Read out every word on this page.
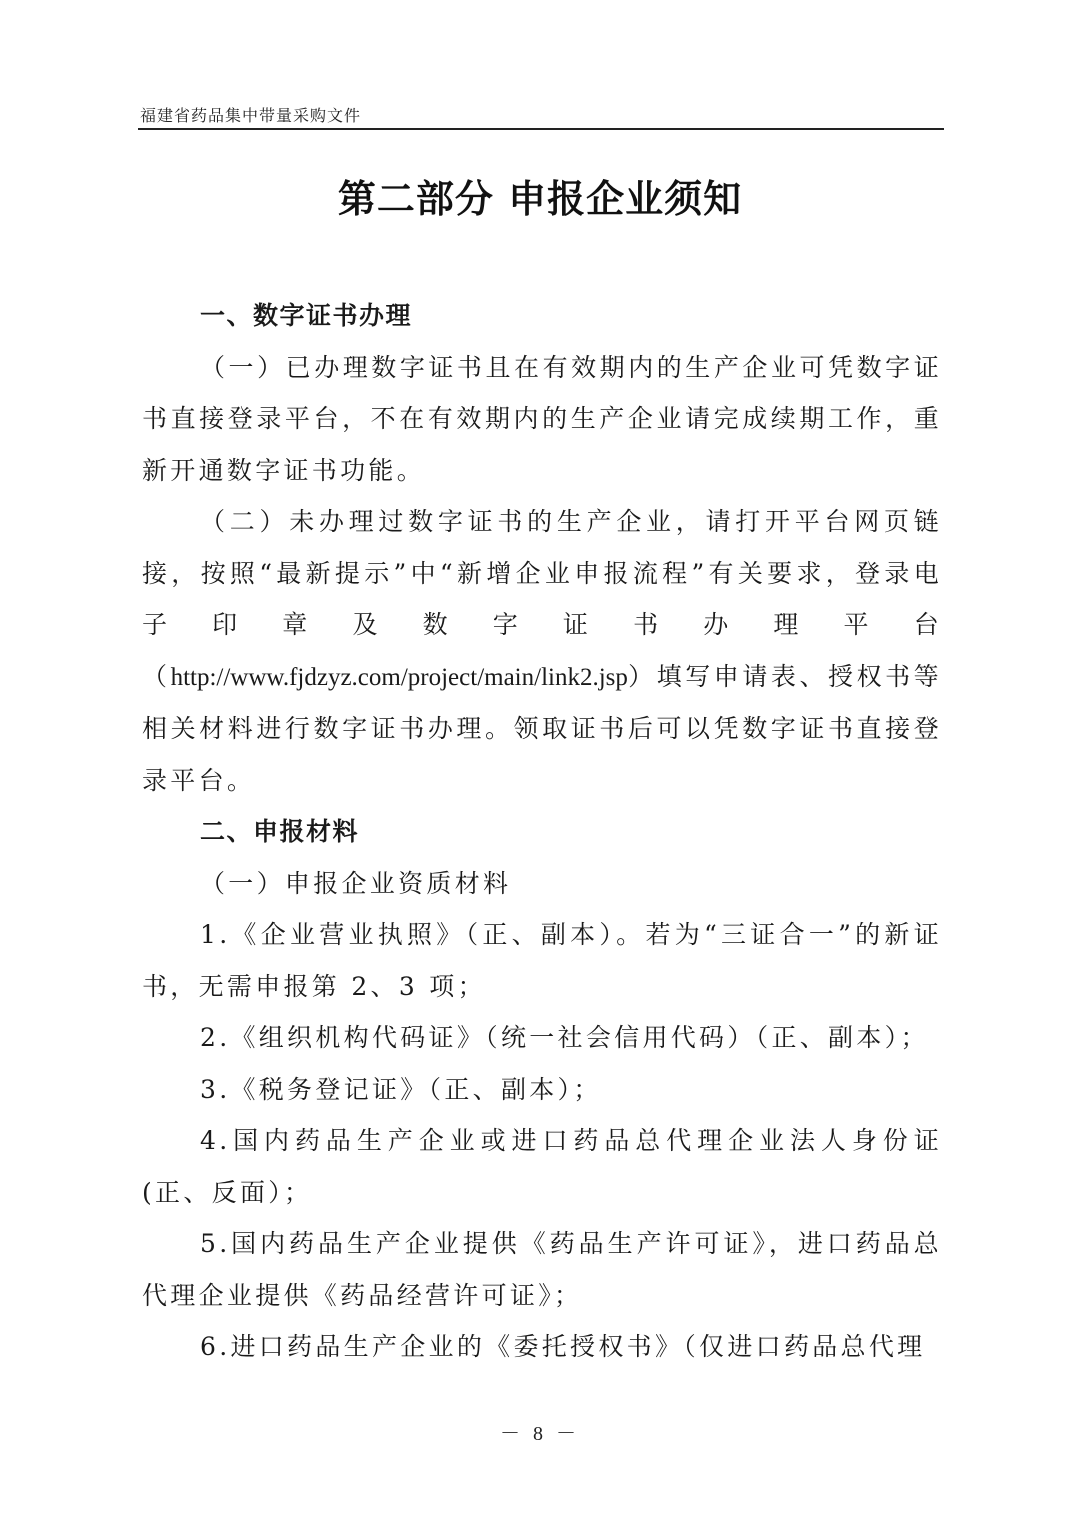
福建省药品集中带量采购文件
第二部分 申报企业须知

一、数字证书办理

（一）已办理数字证书且在有效期内的生产企业可凭数字证书直接登录平台，不在有效期内的生产企业请完成续期工作，重新开通数字证书功能。

（二）未办理过数字证书的生产企业，请打开平台网页链接，按照“最新提示”中“新增企业申报流程”有关要求，登录电子印章及数字证书办理平台（http://www.fjdzyz.com/project/main/link2.jsp）填写申请表、授权书等相关材料进行数字证书办理。领取证书后可以凭数字证书直接登录平台。

二、申报材料

（一）申报企业资质材料

1.《企业营业执照》（正、副本）。若为“三证合一”的新证书，无需申报第 2、3 项；

2.《组织机构代码证》（统一社会信用代码）（正、副本）；

3.《税务登记证》（正、副本）；

4.国内药品生产企业或进口药品总代理企业法人身份证(正、反面）；

5.国内药品生产企业提供《药品生产许可证》，进口药品总代理企业提供《药品经营许可证》；

6.进口药品生产企业的《委托授权书》（仅进口药品总代理

－ 8 －
